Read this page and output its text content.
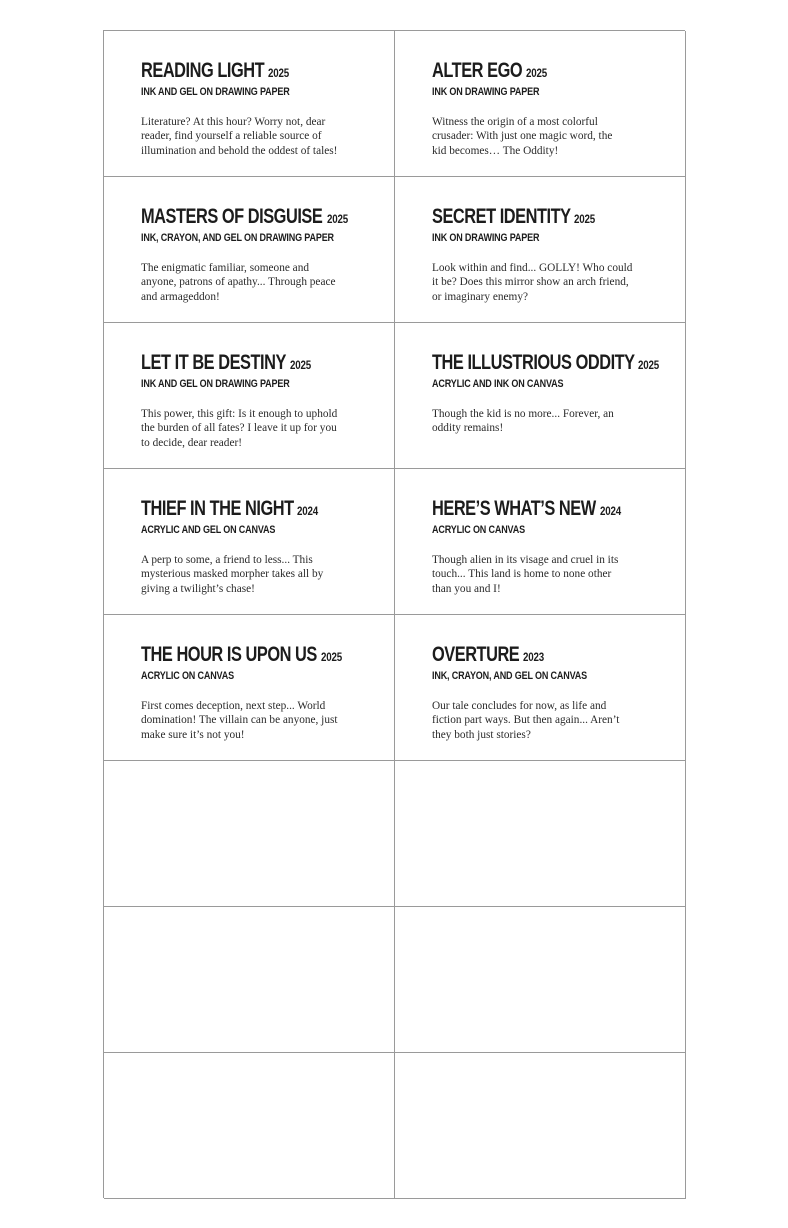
READING LIGHT 2025

INK AND GEL ON DRAWING PAPER

Literature? At this hour? Worry not, dear
reader, find yourself a reliable source of
illumination and behold the oddest of tales!

ALTER EGO 2025

INK ON DRAWING PAPER

Witness the origin of a most colorful
crusader: With just one magic word, the
kid becomes… The Oddity!

MASTERS OF DISGUISE 2025

INK, CRAYON, AND GEL ON DRAWING PAPER

The enigmatic familiar, someone and
anyone, patrons of apathy... Through peace
and armageddon!

SECRET IDENTITY 2025

INK ON DRAWING PAPER

Look within and find... GOLLY! Who could
it be? Does this mirror show an arch friend,
or imaginary enemy?

LET IT BE DESTINY 2025

INK AND GEL ON DRAWING PAPER

This power, this gift: Is it enough to uphold
the burden of all fates? I leave it up for you
to decide, dear reader!

THE ILLUSTRIOUS ODDITY 2025

ACRYLIC AND INK ON CANVAS

Though the kid is no more... Forever, an
oddity remains!

THIEF IN THE NIGHT 2024

ACRYLIC AND GEL ON CANVAS

A perp to some, a friend to less... This
mysterious masked morpher takes all by
giving a twilight’s chase!

HERE’S WHAT’S NEW 2024

ACRYLIC ON CANVAS

Though alien in its visage and cruel in its
touch... This land is home to none other
than you and I!

THE HOUR IS UPON US 2025

ACRYLIC ON CANVAS

First comes deception, next step... World
domination! The villain can be anyone, just
make sure it’s not you!

OVERTURE 2023

INK, CRAYON, AND GEL ON CANVAS

Our tale concludes for now, as life and
fiction part ways. But then again... Aren’t
they both just stories?
